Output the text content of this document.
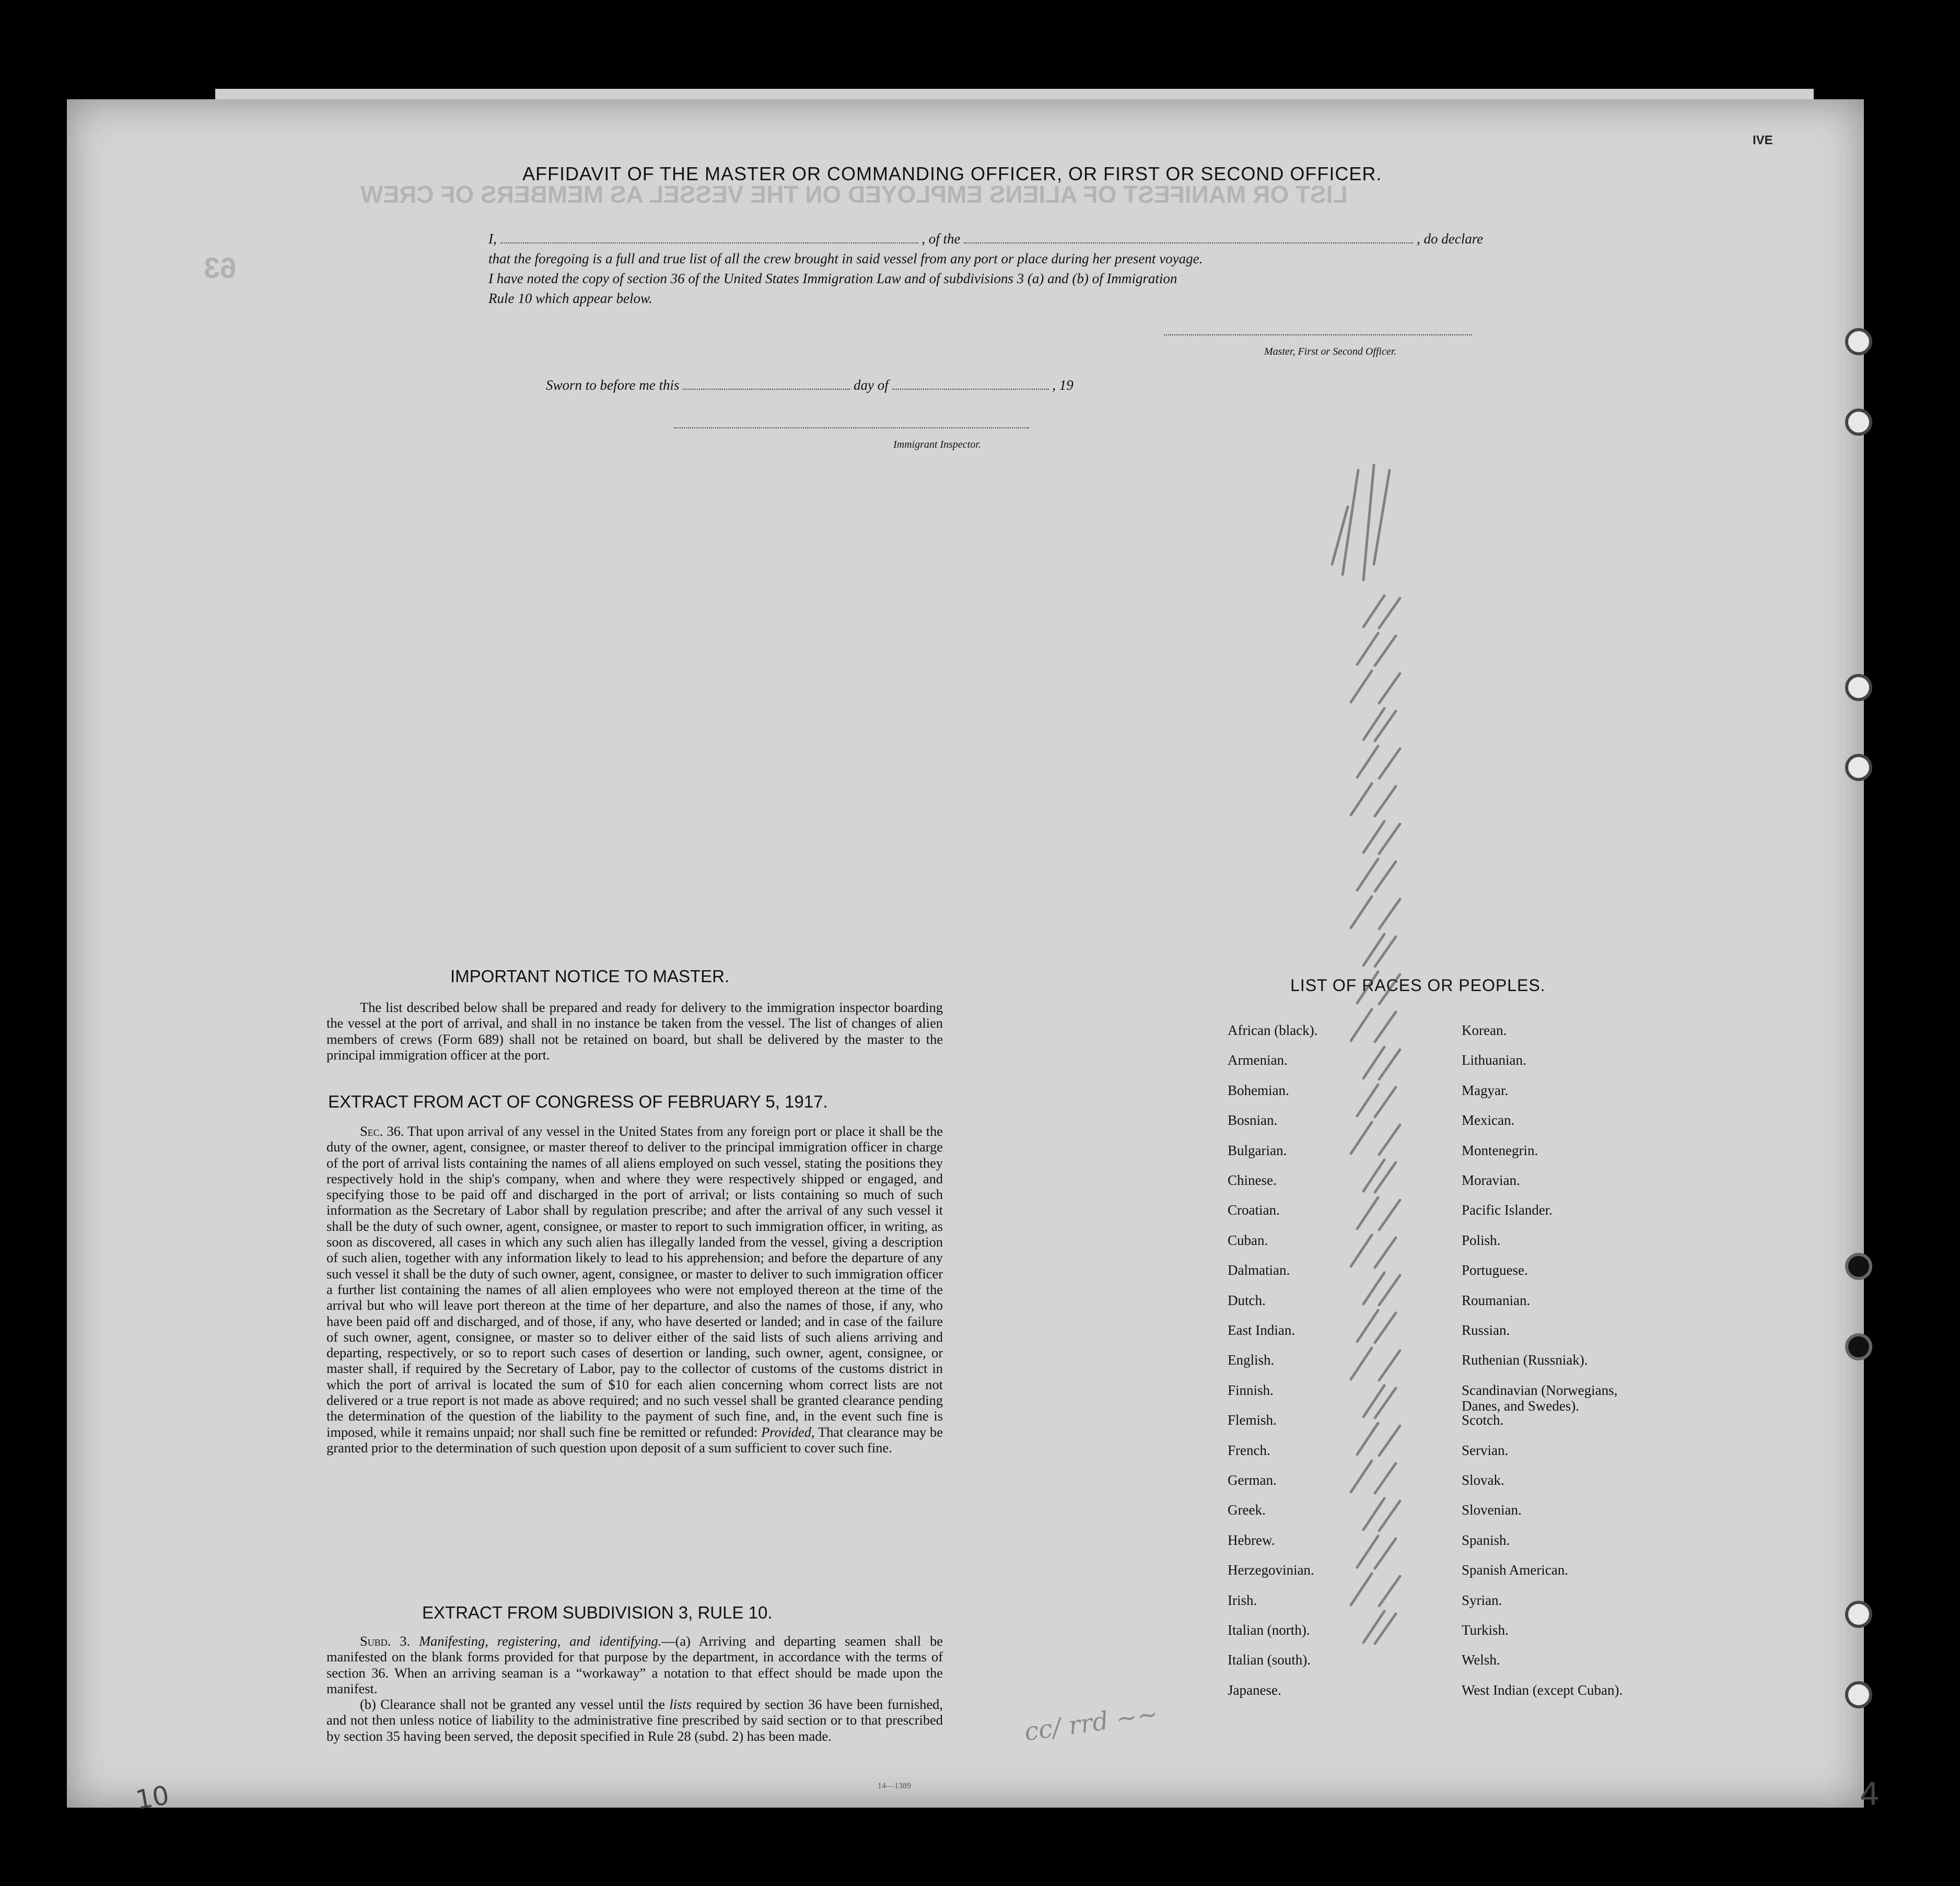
LIST OR MANIFEST OF ALIENS EMPLOYED ON THE VESSEL AS MEMBERS OF CREW
63
IVE
AFFIDAVIT OF THE MASTER OR COMMANDING OFFICER, OR FIRST OR SECOND OFFICER.
I,	, of the	, do declare
that the foregoing is a full and true list of all the crew brought in said vessel from any port or place during her present voyage.
I have noted the copy of section 36 of the United States Immigration Law and of subdivisions 3 (a) and (b) of Immigration
Rule 10 which appear below.
Master, First or Second Officer.
Sworn to before me this	day of	, 19
Immigrant Inspector.
IMPORTANT NOTICE TO MASTER.

The list described below shall be prepared and ready for delivery to the immigration inspector boarding the vessel at the port of arrival, and shall in no instance be taken from the vessel. The list of changes of alien members of crews (Form 689) shall not be retained on board, but shall be delivered by the master to the principal immigration officer at the port.

EXTRACT FROM ACT OF CONGRESS OF FEBRUARY 5, 1917.

Sec. 36. That upon arrival of any vessel in the United States from any foreign port or place it shall be the duty of the owner, agent, consignee, or master thereof to deliver to the principal immigration officer in charge of the port of arrival lists containing the names of all aliens employed on such vessel, stating the positions they respectively hold in the ship's company, when and where they were respectively shipped or engaged, and specifying those to be paid off and discharged in the port of arrival; or lists containing so much of such information as the Secretary of Labor shall by regulation prescribe; and after the arrival of any such vessel it shall be the duty of such owner, agent, consignee, or master to report to such immigration officer, in writing, as soon as discovered, all cases in which any such alien has illegally landed from the vessel, giving a description of such alien, together with any information likely to lead to his apprehension; and before the departure of any such vessel it shall be the duty of such owner, agent, consignee, or master to deliver to such immigration officer a further list containing the names of all alien employees who were not employed thereon at the time of the arrival but who will leave port thereon at the time of her departure, and also the names of those, if any, who have been paid off and discharged, and of those, if any, who have deserted or landed; and in case of the failure of such owner, agent, consignee, or master so to deliver either of the said lists of such aliens arriving and departing, respectively, or so to report such cases of desertion or landing, such owner, agent, consignee, or master shall, if required by the Secretary of Labor, pay to the collector of customs of the customs district in which the port of arrival is located the sum of $10 for each alien concerning whom correct lists are not delivered or a true report is not made as above required; and no such vessel shall be granted clearance pending the determination of the question of the liability to the payment of such fine, and, in the event such fine is imposed, while it remains unpaid; nor shall such fine be remitted or refunded: Provided, That clearance may be granted prior to the determination of such question upon deposit of a sum sufficient to cover such fine.

EXTRACT FROM SUBDIVISION 3, RULE 10.

Subd. 3. Manifesting, registering, and identifying.—(a) Arriving and departing seamen shall be manifested on the blank forms provided for that purpose by the department, in accordance with the terms of section 36. When an arriving seaman is a “workaway” a notation to that effect should be made upon the manifest.

(b) Clearance shall not be granted any vessel until the lists required by section 36 have been furnished, and not then unless notice of liability to the administrative fine prescribed by said section or to that prescribed by section 35 having been served, the deposit specified in Rule 28 (subd. 2) has been made.

14—1389
LIST OF RACES OR PEOPLES.
African (black).
Armenian.
Bohemian.
Bosnian.
Bulgarian.
Chinese.
Croatian.
Cuban.
Dalmatian.
Dutch.
East Indian.
English.
Finnish.
Flemish.
French.
German.
Greek.
Hebrew.
Herzegovinian.
Irish.
Italian (north).
Italian (south).
Japanese.
Korean.
Lithuanian.
Magyar.
Mexican.
Montenegrin.
Moravian.
Pacific Islander.
Polish.
Portuguese.
Roumanian.
Russian.
Ruthenian (Russniak).
Scandinavian (Norwegians,
Danes, and Swedes).
Scotch.
Servian.
Slovak.
Slovenian.
Spanish.
Spanish American.
Syrian.
Turkish.
Welsh.
West Indian (except Cuban).
cc/ rrd ~~
10	4
